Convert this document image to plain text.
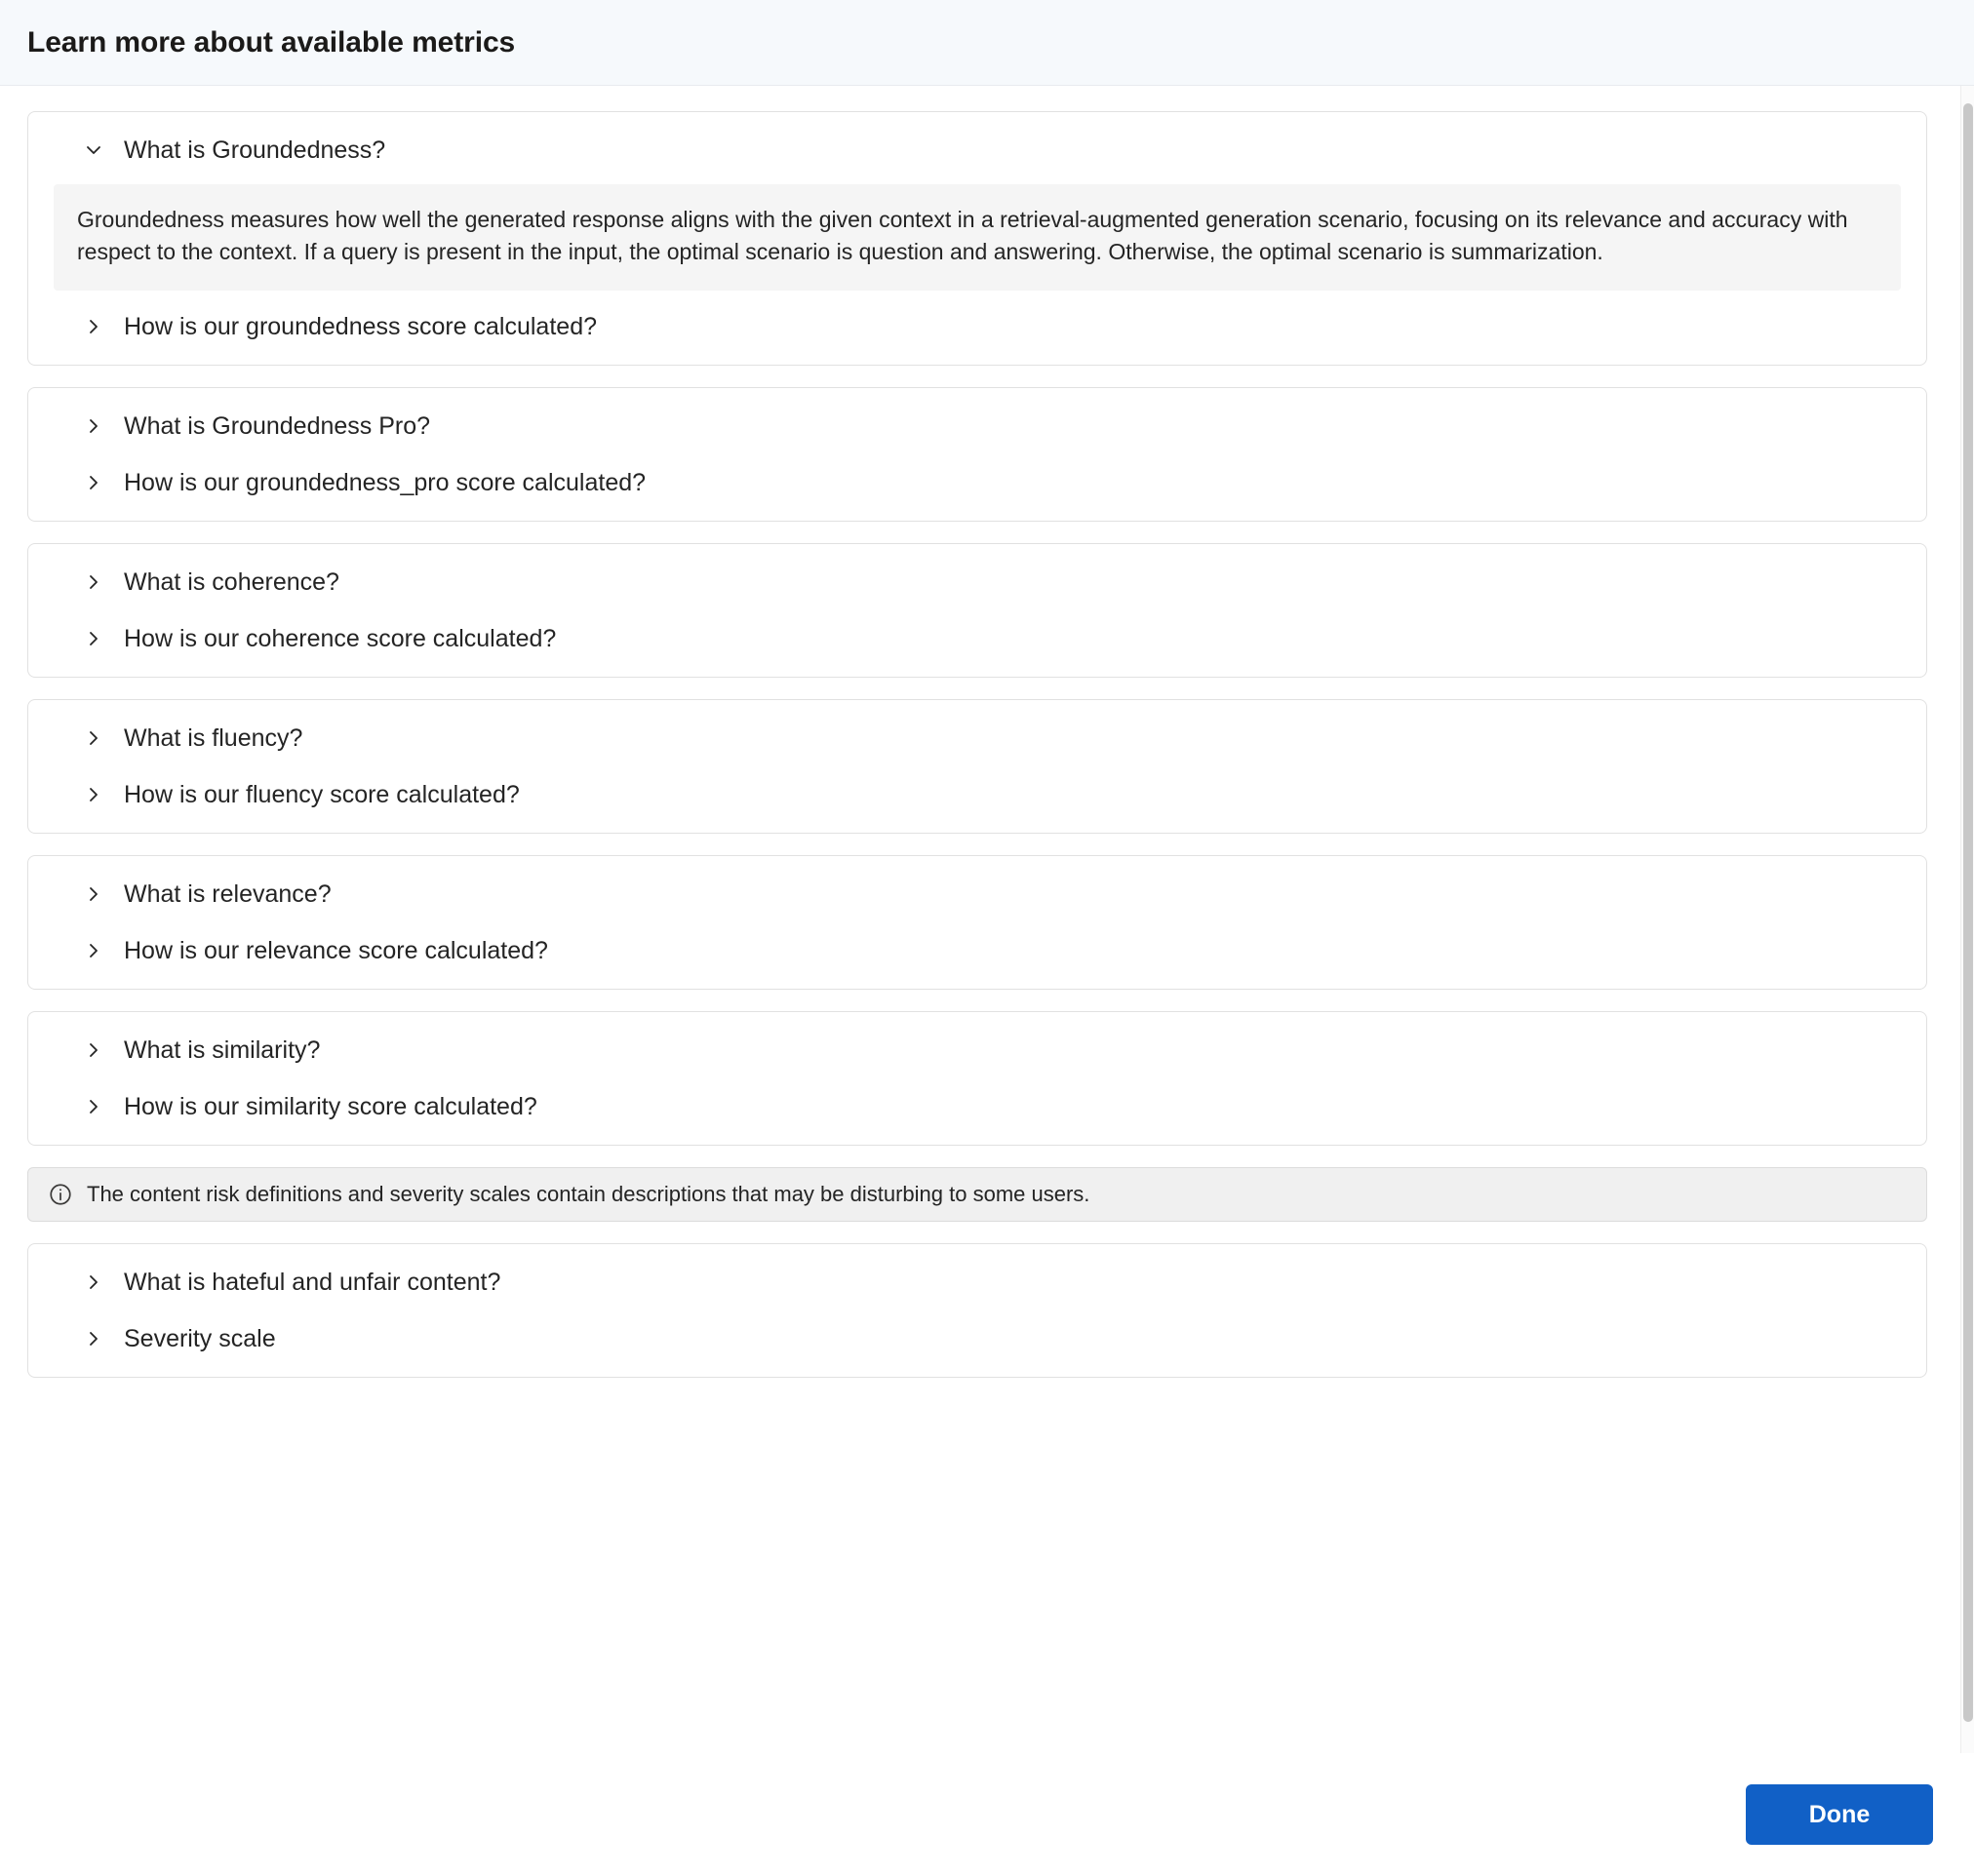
Learn more about available metrics
What is Groundedness?
Groundedness measures how well the generated response aligns with the given context in a retrieval-augmented generation scenario, focusing on its relevance and accuracy with respect to the context. If a query is present in the input, the optimal scenario is question and answering. Otherwise, the optimal scenario is summarization.
How is our groundedness score calculated?
What is Groundedness Pro?
How is our groundedness_pro score calculated?
What is coherence?
How is our coherence score calculated?
What is fluency?
How is our fluency score calculated?
What is relevance?
How is our relevance score calculated?
What is similarity?
How is our similarity score calculated?
The content risk definitions and severity scales contain descriptions that may be disturbing to some users.
What is hateful and unfair content?
Severity scale
Done
